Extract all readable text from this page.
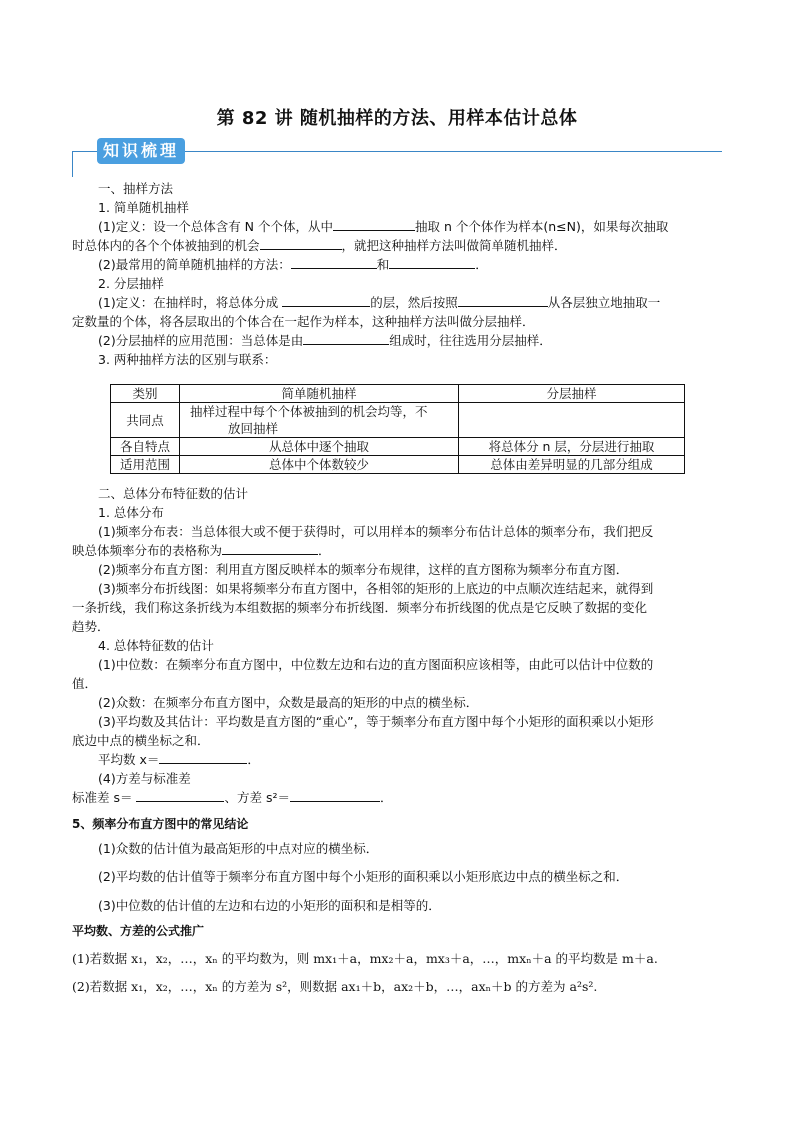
第 82 讲 随机抽样的方法、用样本估计总体
知识梳理
一、抽样方法
1. 简单随机抽样
(1)定义：设一个总体含有 N 个个体，从中	抽取 n 个个体作为样本(n≤N)，如果每次抽取
时总体内的各个个体被抽到的机会	，就把这种抽样方法叫做简单随机抽样．
(2)最常用的简单随机抽样的方法：	和	．
2. 分层抽样
(1)定义：在抽样时，将总体分成	的层，然后按照	从各层独立地抽取一
定数量的个体，将各层取出的个体合在一起作为样本，这种抽样方法叫做分层抽样．
(2)分层抽样的应用范围：当总体是由	组成时，往往选用分层抽样．
3. 两种抽样方法的区别与联系：
类别	简单随机抽样	分层抽样
共同点	抽样过程中每个个体被抽到的机会均等，不
放回抽样	

各自特点	从总体中逐个抽取	将总体分 n 层，分层进行抽取
适用范围	总体中个体数较少	总体由差异明显的几部分组成
二、总体分布特征数的估计
1. 总体分布
(1)频率分布表：当总体很大或不便于获得时，可以用样本的频率分布估计总体的频率分布，我们把反
映总体频率分布的表格称为	．
(2)频率分布直方图：利用直方图反映样本的频率分布规律，这样的直方图称为频率分布直方图．
(3)频率分布折线图：如果将频率分布直方图中，各相邻的矩形的上底边的中点顺次连结起来，就得到
一条折线，我们称这条折线为本组数据的频率分布折线图．频率分布折线图的优点是它反映了数据的变化
趋势．
4. 总体特征数的估计
(1)中位数：在频率分布直方图中，中位数左边和右边的直方图面积应该相等，由此可以估计中位数的
值．
(2)众数：在频率分布直方图中，众数是最高的矩形的中点的横坐标．
(3)平均数及其估计：平均数是直方图的“重心”，等于频率分布直方图中每个小矩形的面积乘以小矩形
底边中点的横坐标之和．
平均数 x＝	．
(4)方差与标准差
标准差 s＝	、方差 s²＝	．
5、频率分布直方图中的常见结论
(1)众数的估计值为最高矩形的中点对应的横坐标．
(2)平均数的估计值等于频率分布直方图中每个小矩形的面积乘以小矩形底边中点的横坐标之和．
(3)中位数的估计值的左边和右边的小矩形的面积和是相等的．
平均数、方差的公式推广
(1)若数据 x₁，x₂，…，xₙ 的平均数为，则 mx₁＋a，mx₂＋a，mx₃＋a，…，mxₙ＋a 的平均数是 m＋a.
(2)若数据 x₁，x₂，…，xₙ 的方差为 s²，则数据 ax₁＋b，ax₂＋b，…，axₙ＋b 的方差为 a²s².
